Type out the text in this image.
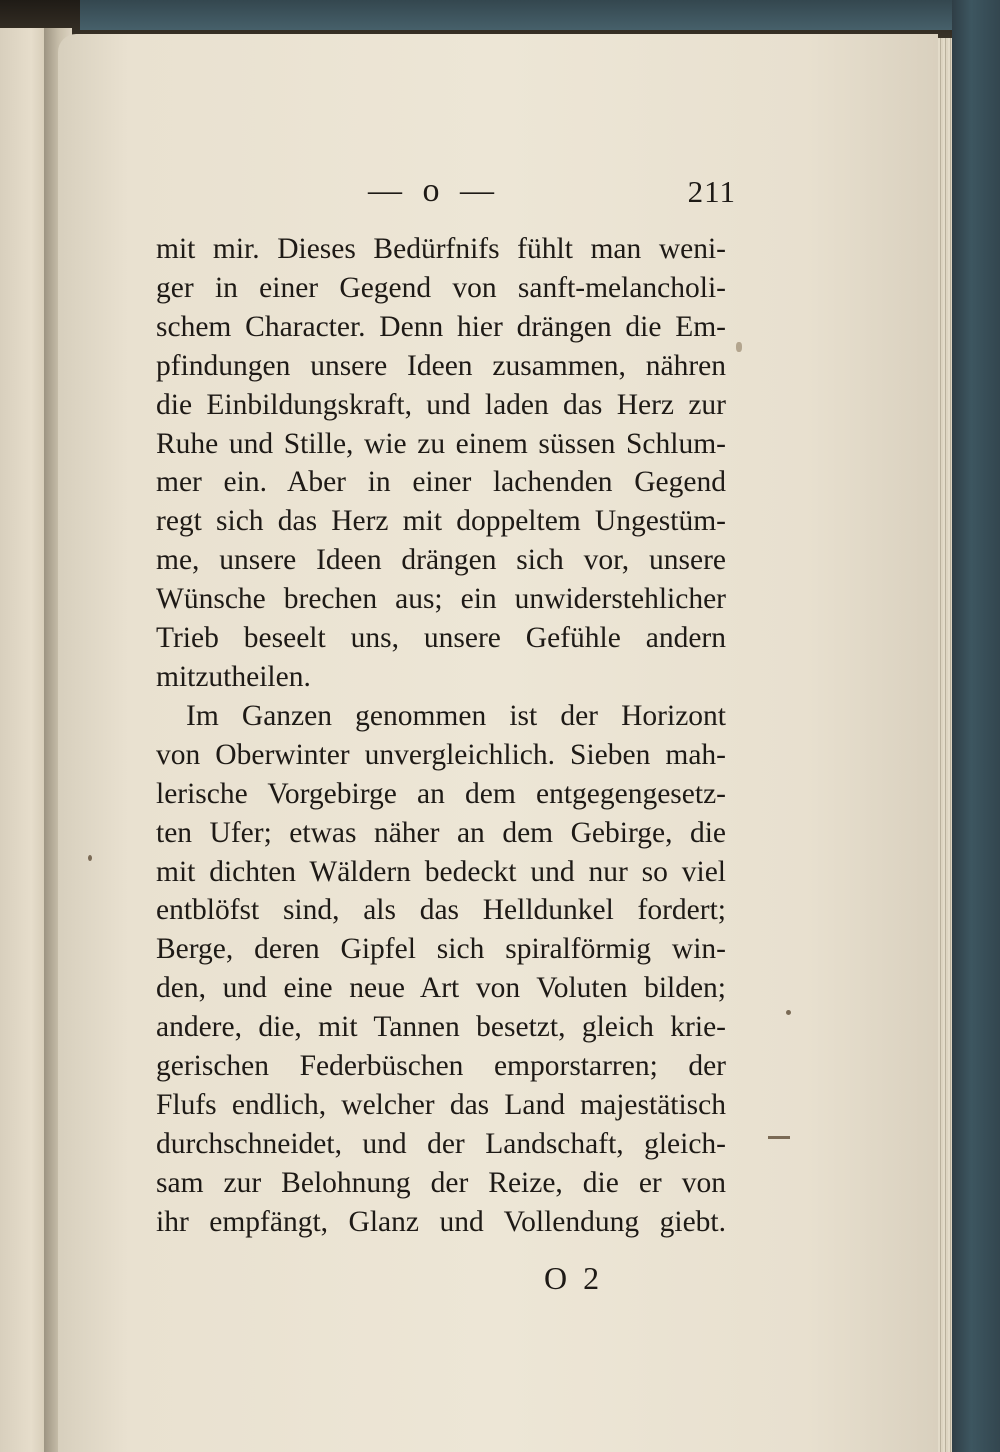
— o —	211
mit mir. Dieses Bedürfnifs fühlt man weni-
ger in einer Gegend von sanft-melancholi-
schem Character. Denn hier drängen die Em-
pfindungen unsere Ideen zusammen, nähren
die Einbildungskraft, und laden das Herz zur
Ruhe und Stille, wie zu einem süssen Schlum-
mer ein. Aber in einer lachenden Gegend
regt sich das Herz mit doppeltem Ungestüm-
me, unsere Ideen drängen sich vor, unsere
Wünsche brechen aus; ein unwiderstehlicher
Trieb beseelt uns, unsere Gefühle andern
mitzutheilen.
Im Ganzen genommen ist der Horizont
von Oberwinter unvergleichlich. Sieben mah-
lerische Vorgebirge an dem entgegengesetz-
ten Ufer; etwas näher an dem Gebirge, die
mit dichten Wäldern bedeckt und nur so viel
entblöfst sind, als das Helldunkel fordert;
Berge, deren Gipfel sich spiralförmig win-
den, und eine neue Art von Voluten bilden;
andere, die, mit Tannen besetzt, gleich krie-
gerischen Federbüschen emporstarren; der
Flufs endlich, welcher das Land majestätisch
durchschneidet, und der Landschaft, gleich-
sam zur Belohnung der Reize, die er von
ihr empfängt, Glanz und Vollendung giebt.
O 2
